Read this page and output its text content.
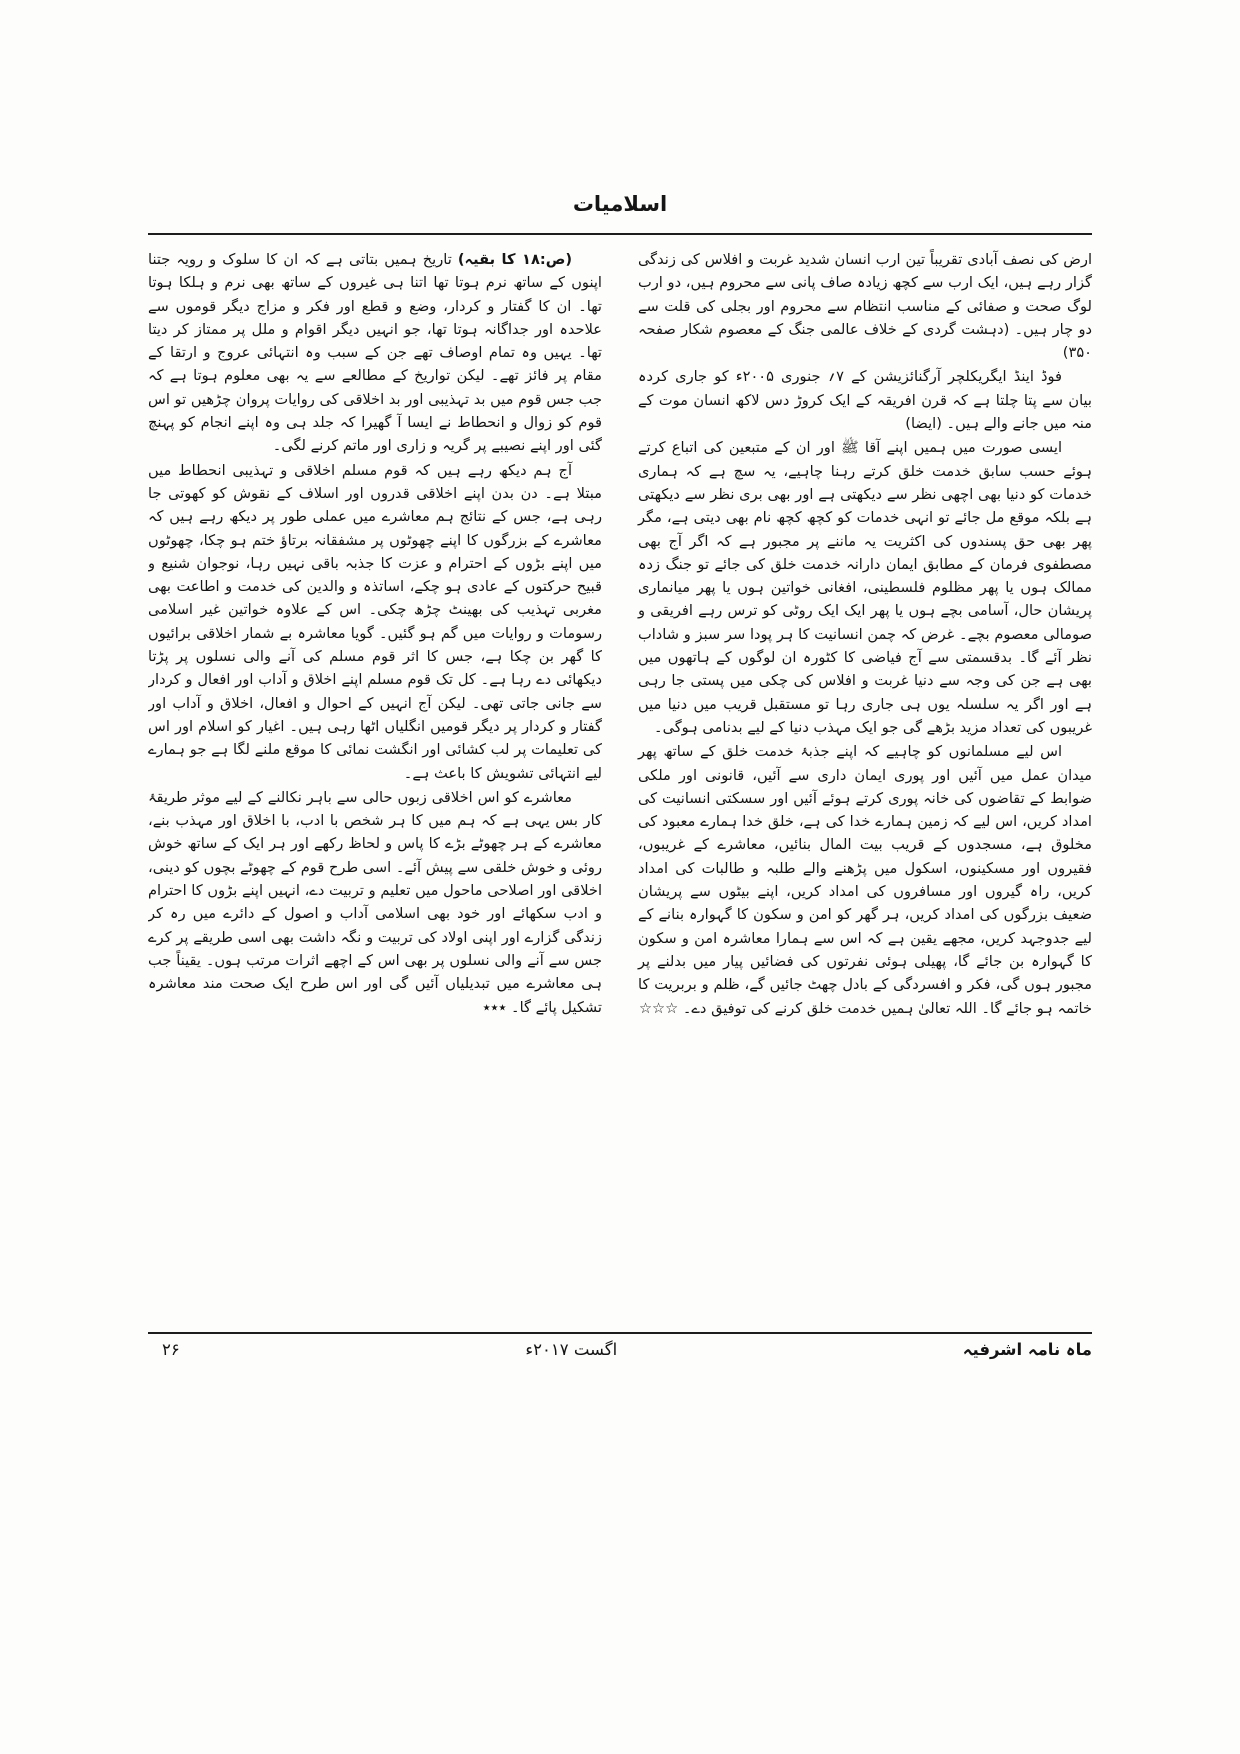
اسلامیات

ارض کی نصف آبادی تقریباً تین ارب انسان شدید غربت و افلاس کی زندگی گزار رہے ہیں، ایک ارب سے کچھ زیادہ صاف پانی سے محروم ہیں، دو ارب لوگ صحت و صفائی کے مناسب انتظام سے محروم اور بجلی کی قلت سے دو چار ہیں۔ (دہشت گردی کے خلاف عالمی جنگ کے معصوم شکار صفحہ ۳۵۰)

فوڈ اینڈ ایگریکلچر آرگنائزیشن کے ۷؍ جنوری ۲۰۰۵ء کو جاری کردہ بیان سے پتا چلتا ہے کہ قرن افریقہ کے ایک کروڑ دس لاکھ انسان موت کے منہ میں جانے والے ہیں۔ (ایضا)

ایسی صورت میں ہمیں اپنے آقا ﷺ اور ان کے متبعین کی اتباع کرتے ہوئے حسب سابق خدمت خلق کرتے رہنا چاہیے، یہ سچ ہے کہ ہماری خدمات کو دنیا بھی اچھی نظر سے دیکھتی ہے اور بھی بری نظر سے دیکھتی ہے بلکہ موقع مل جائے تو انہی خدمات کو کچھ کچھ نام بھی دیتی ہے، مگر پھر بھی حق پسندوں کی اکثریت یہ ماننے پر مجبور ہے کہ اگر آج بھی مصطفوی فرمان کے مطابق ایمان دارانہ خدمت خلق کی جائے تو جنگ زدہ ممالک ہوں یا پھر مظلوم فلسطینی، افغانی خواتین ہوں یا پھر میانماری پریشان حال، آسامی بچے ہوں یا پھر ایک ایک روٹی کو ترس رہے افریقی و صومالی معصوم بچے۔ غرض کہ چمن انسانیت کا ہر پودا سر سبز و شاداب نظر آئے گا۔ بدقسمتی سے آج فیاضی کا کٹورہ ان لوگوں کے ہاتھوں میں بھی ہے جن کی وجہ سے دنیا غربت و افلاس کی چکی میں پستی جا رہی ہے اور اگر یہ سلسلہ یوں ہی جاری رہا تو مستقبل قریب میں دنیا میں غریبوں کی تعداد مزید بڑھے گی جو ایک مہذب دنیا کے لیے بدنامی ہوگی۔

اس لیے مسلمانوں کو چاہیے کہ اپنے جذبۂ خدمت خلق کے ساتھ پھر میدان عمل میں آئیں اور پوری ایمان داری سے آئیں، قانونی اور ملکی ضوابط کے تقاضوں کی خانہ پوری کرتے ہوئے آئیں اور سسکتی انسانیت کی امداد کریں، اس لیے کہ زمین ہمارے خدا کی ہے، خلق خدا ہمارے معبود کی مخلوق ہے، مسجدوں کے قریب بیت المال بنائیں، معاشرے کے غریبوں، فقیروں اور مسکینوں، اسکول میں پڑھنے والے طلبہ و طالبات کی امداد کریں، راہ گیروں اور مسافروں کی امداد کریں، اپنے بیٹوں سے پریشان ضعیف بزرگوں کی امداد کریں، ہر گھر کو امن و سکون کا گہوارہ بنانے کے لیے جدوجہد کریں، مجھے یقین ہے کہ اس سے ہمارا معاشرہ امن و سکون کا گہوارہ بن جائے گا، پھیلی ہوئی نفرتوں کی فضائیں پیار میں بدلنے پر مجبور ہوں گی، فکر و افسردگی کے بادل چھٹ جائیں گے، ظلم و بربریت کا خاتمہ ہو جائے گا۔ اللہ تعالیٰ ہمیں خدمت خلق کرنے کی توفیق دے۔ ☆☆☆

(ص:۱۸ کا بقیہ) تاریخ ہمیں بتاتی ہے کہ ان کا سلوک و رویہ جتنا اپنوں کے ساتھ نرم ہوتا تھا اتنا ہی غیروں کے ساتھ بھی نرم و ہلکا ہوتا تھا۔ ان کا گفتار و کردار، وضع و قطع اور فکر و مزاج دیگر قوموں سے علاحدہ اور جداگانہ ہوتا تھا، جو انہیں دیگر اقوام و ملل پر ممتاز کر دیتا تھا۔ یہیں وہ تمام اوصاف تھے جن کے سبب وہ انتہائی عروج و ارتقا کے مقام پر فائز تھے۔ لیکن تواریخ کے مطالعے سے یہ بھی معلوم ہوتا ہے کہ جب جس قوم میں بد تہذیبی اور بد اخلاقی کی روایات پروان چڑھیں تو اس قوم کو زوال و انحطاط نے ایسا آ گھیرا کہ جلد ہی وہ اپنے انجام کو پہنچ گئی اور اپنے نصیبے پر گریہ و زاری اور ماتم کرنے لگی۔

آج ہم دیکھ رہے ہیں کہ قوم مسلم اخلاقی و تہذیبی انحطاط میں مبتلا ہے۔ دن بدن اپنے اخلاقی قدروں اور اسلاف کے نقوش کو کھوتی جا رہی ہے، جس کے نتائج ہم معاشرے میں عملی طور پر دیکھ رہے ہیں کہ معاشرے کے بزرگوں کا اپنے چھوٹوں پر مشفقانہ برتاؤ ختم ہو چکا، چھوٹوں میں اپنے بڑوں کے احترام و عزت کا جذبہ باقی نہیں رہا، نوجوان شنیع و قبیح حرکتوں کے عادی ہو چکے، اساتذہ و والدین کی خدمت و اطاعت بھی مغربی تہذیب کی بھینٹ چڑھ چکی۔ اس کے علاوہ خواتین غیر اسلامی رسومات و روایات میں گم ہو گئیں۔ گویا معاشرہ بے شمار اخلاقی برائیوں کا گھر بن چکا ہے، جس کا اثر قوم مسلم کی آنے والی نسلوں پر پڑتا دیکھائی دے رہا ہے۔ کل تک قوم مسلم اپنے اخلاق و آداب اور افعال و کردار سے جانی جاتی تھی۔ لیکن آج انہیں کے احوال و افعال، اخلاق و آداب اور گفتار و کردار پر دیگر قومیں انگلیاں اٹھا رہی ہیں۔ اغیار کو اسلام اور اس کی تعلیمات پر لب کشائی اور انگشت نمائی کا موقع ملنے لگا ہے جو ہمارے لیے انتہائی تشویش کا باعث ہے۔

معاشرے کو اس اخلاقی زبوں حالی سے باہر نکالنے کے لیے موثر طریقۂ کار بس یہی ہے کہ ہم میں کا ہر شخص با ادب، با اخلاق اور مہذب بنے، معاشرے کے ہر چھوٹے بڑے کا پاس و لحاظ رکھے اور ہر ایک کے ساتھ خوش روئی و خوش خلقی سے پیش آئے۔ اسی طرح قوم کے چھوٹے بچوں کو دینی، اخلاقی اور اصلاحی ماحول میں تعلیم و تربیت دے، انہیں اپنے بڑوں کا احترام و ادب سکھائے اور خود بھی اسلامی آداب و اصول کے دائرے میں رہ کر زندگی گزارے اور اپنی اولاد کی تربیت و نگہ داشت بھی اسی طریقے پر کرے جس سے آنے والی نسلوں پر بھی اس کے اچھے اثرات مرتب ہوں۔ یقیناً جب ہی معاشرے میں تبدیلیاں آئیں گی اور اس طرح ایک صحت مند معاشرہ تشکیل پائے گا۔ ٭٭٭

ماہ نامہ اشرفیہ
اگست ۲۰۱۷ء
۲۶
